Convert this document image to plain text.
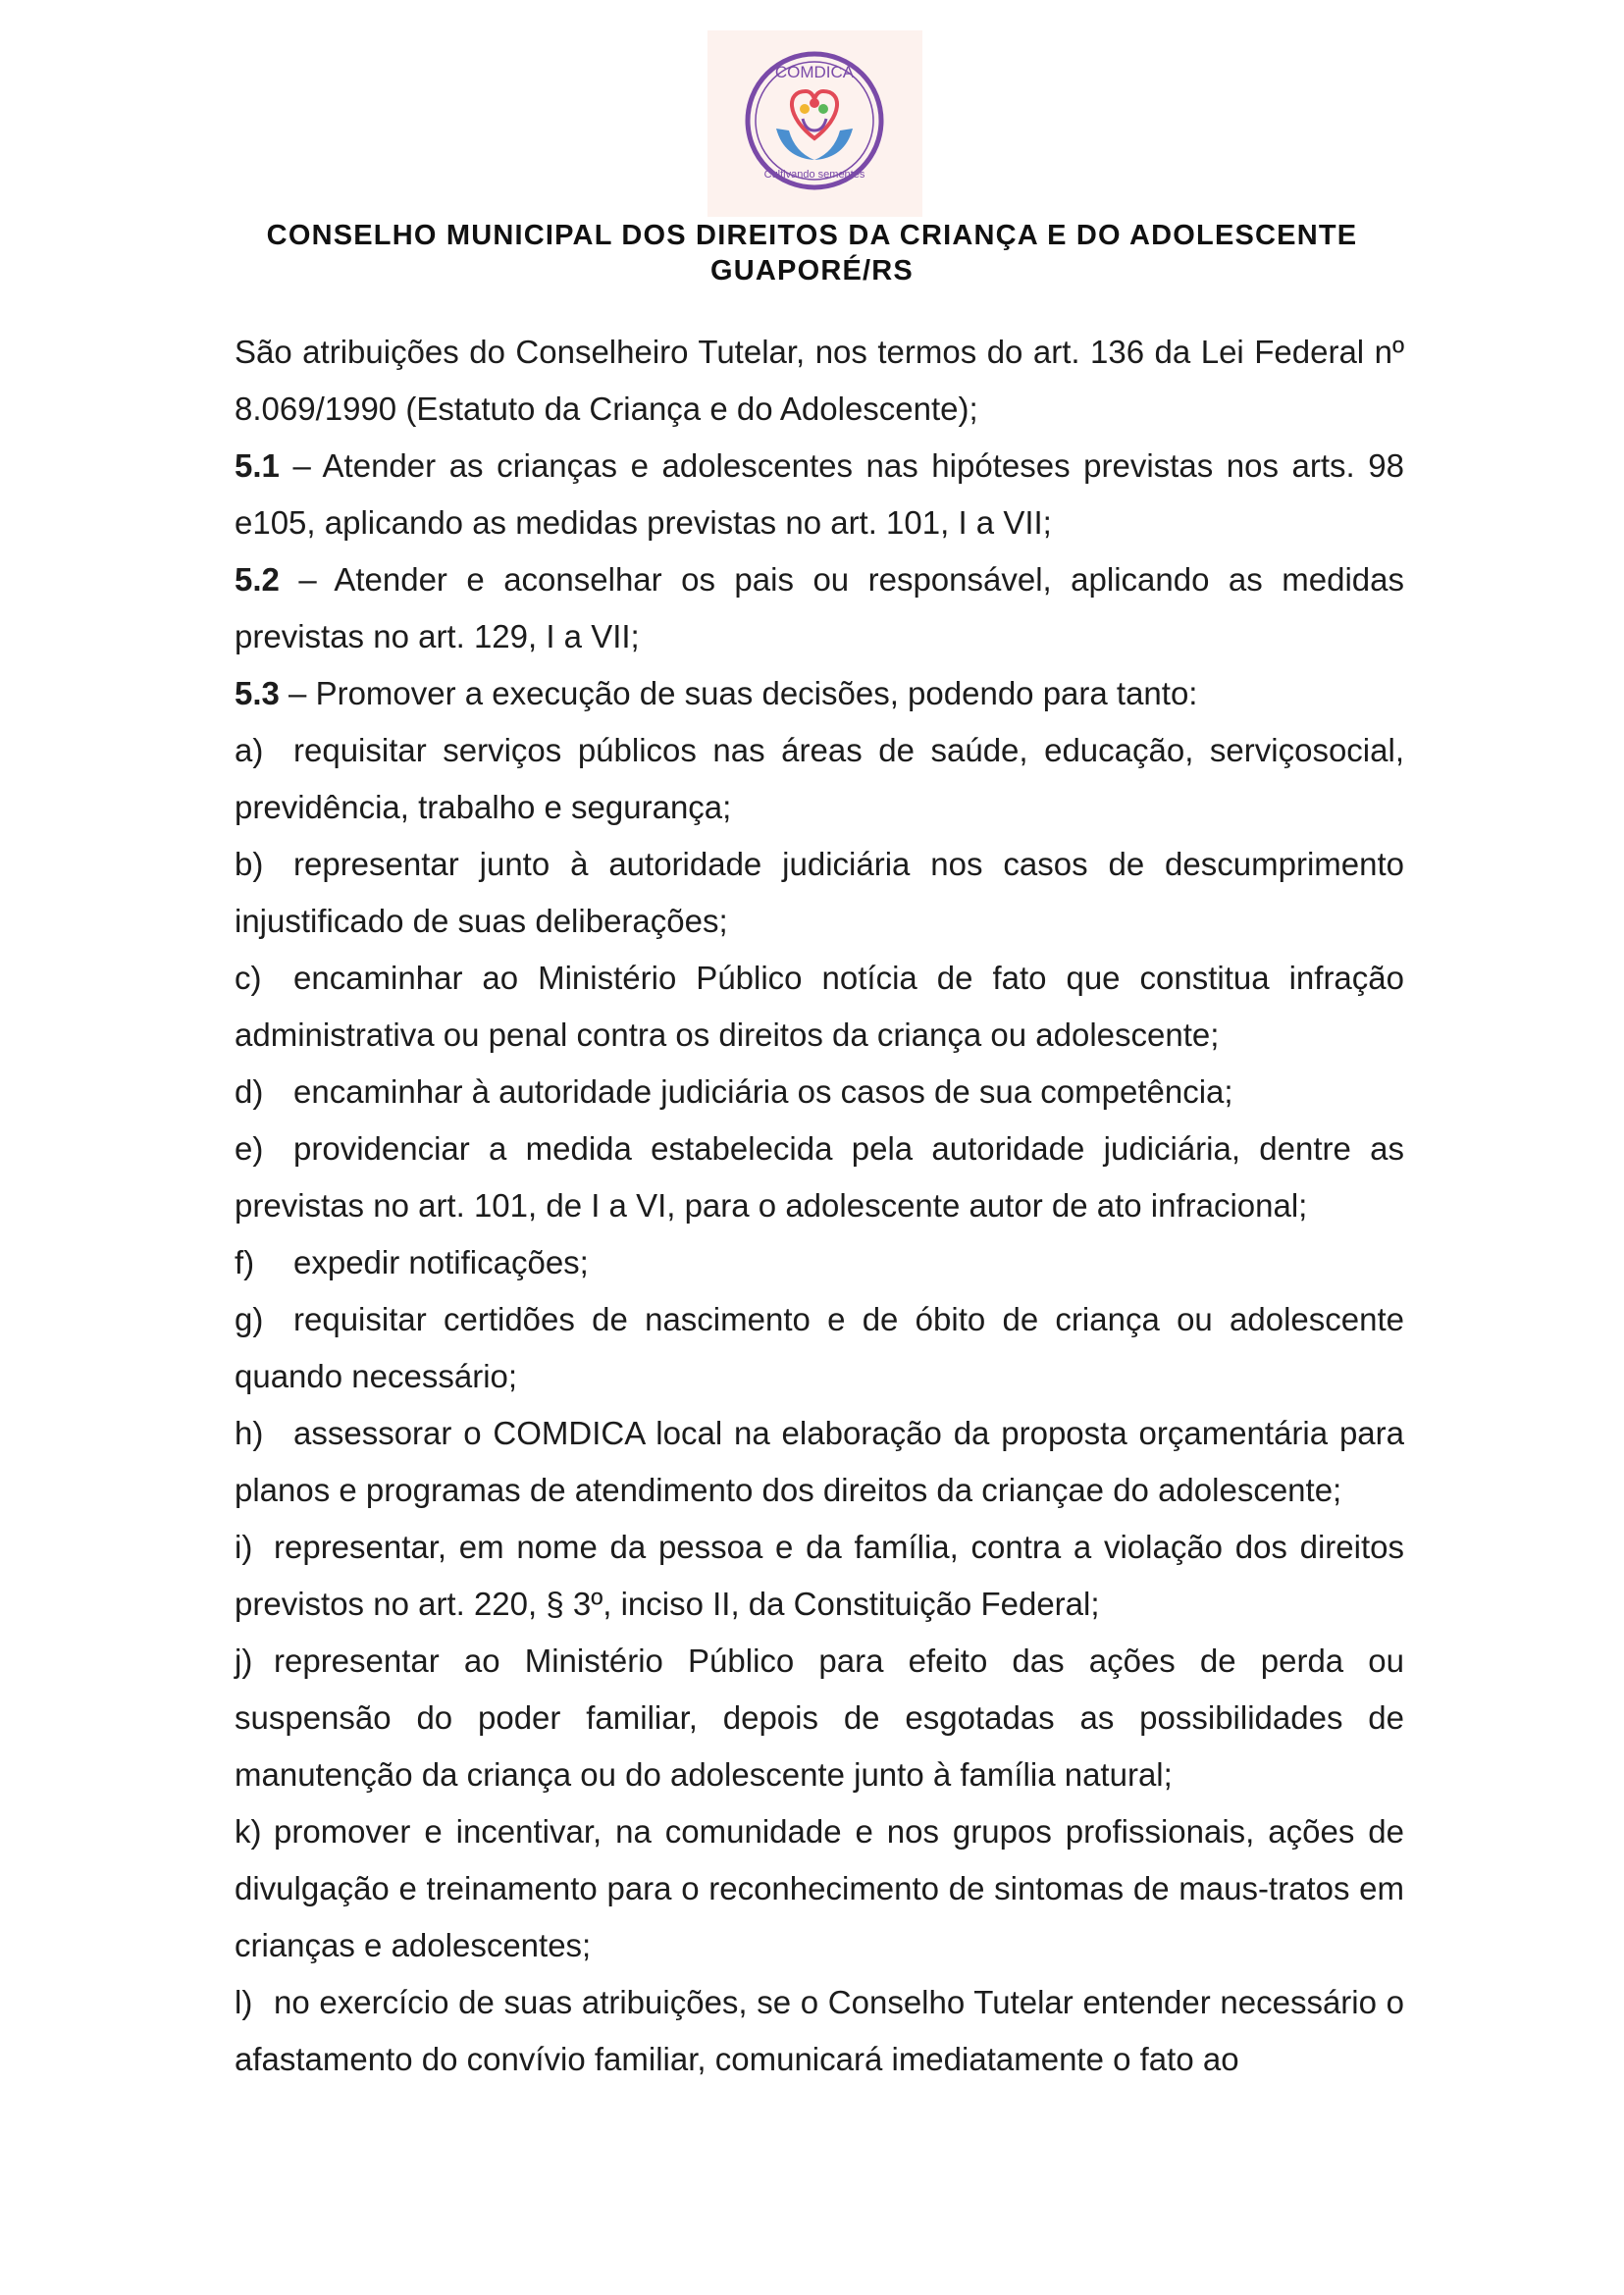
COMDICA
Cultivando sementes
CONSELHO MUNICIPAL DOS DIREITOS DA CRIANÇA E DO ADOLESCENTE
GUAPORÉ/RS

São atribuições do Conselheiro Tutelar, nos termos do art. 136 da Lei Federal nº 8.069/1990 (Estatuto da Criança e do Adolescente);

5.1 – Atender as crianças e adolescentes nas hipóteses previstas nos arts. 98 e105, aplicando as medidas previstas no art. 101, I a VII;

5.2 – Atender e aconselhar os pais ou responsável, aplicando as medidas previstas no art. 129, I a VII;

5.3 – Promover a execução de suas decisões, podendo para tanto:

a) requisitar serviços públicos nas áreas de saúde, educação, serviçosocial, previdência, trabalho e segurança;

b) representar junto à autoridade judiciária nos casos de descumprimento injustificado de suas deliberações;

c) encaminhar ao Ministério Público notícia de fato que constitua infração administrativa ou penal contra os direitos da criança ou adolescente;

d) encaminhar à autoridade judiciária os casos de sua competência;

e) providenciar a medida estabelecida pela autoridade judiciária, dentre as previstas no art. 101, de I a VI, para o adolescente autor de ato infracional;

f) expedir notificações;

g) requisitar certidões de nascimento e de óbito de criança ou adolescente quando necessário;

h) assessorar o COMDICA local na elaboração da proposta orçamentária para planos e programas de atendimento dos direitos da criançae do adolescente;

i) representar, em nome da pessoa e da família, contra a violação dos direitos previstos no art. 220, § 3º, inciso II, da Constituição Federal;

j) representar ao Ministério Público para efeito das ações de perda ou suspensão do poder familiar, depois de esgotadas as possibilidades de manutenção da criança ou do adolescente junto à família natural;

k) promover e incentivar, na comunidade e nos grupos profissionais, ações de divulgação e treinamento para o reconhecimento de sintomas de maus-tratos em crianças e adolescentes;

l) no exercício de suas atribuições, se o Conselho Tutelar entender necessário o afastamento do convívio familiar, comunicará imediatamente o fato ao
